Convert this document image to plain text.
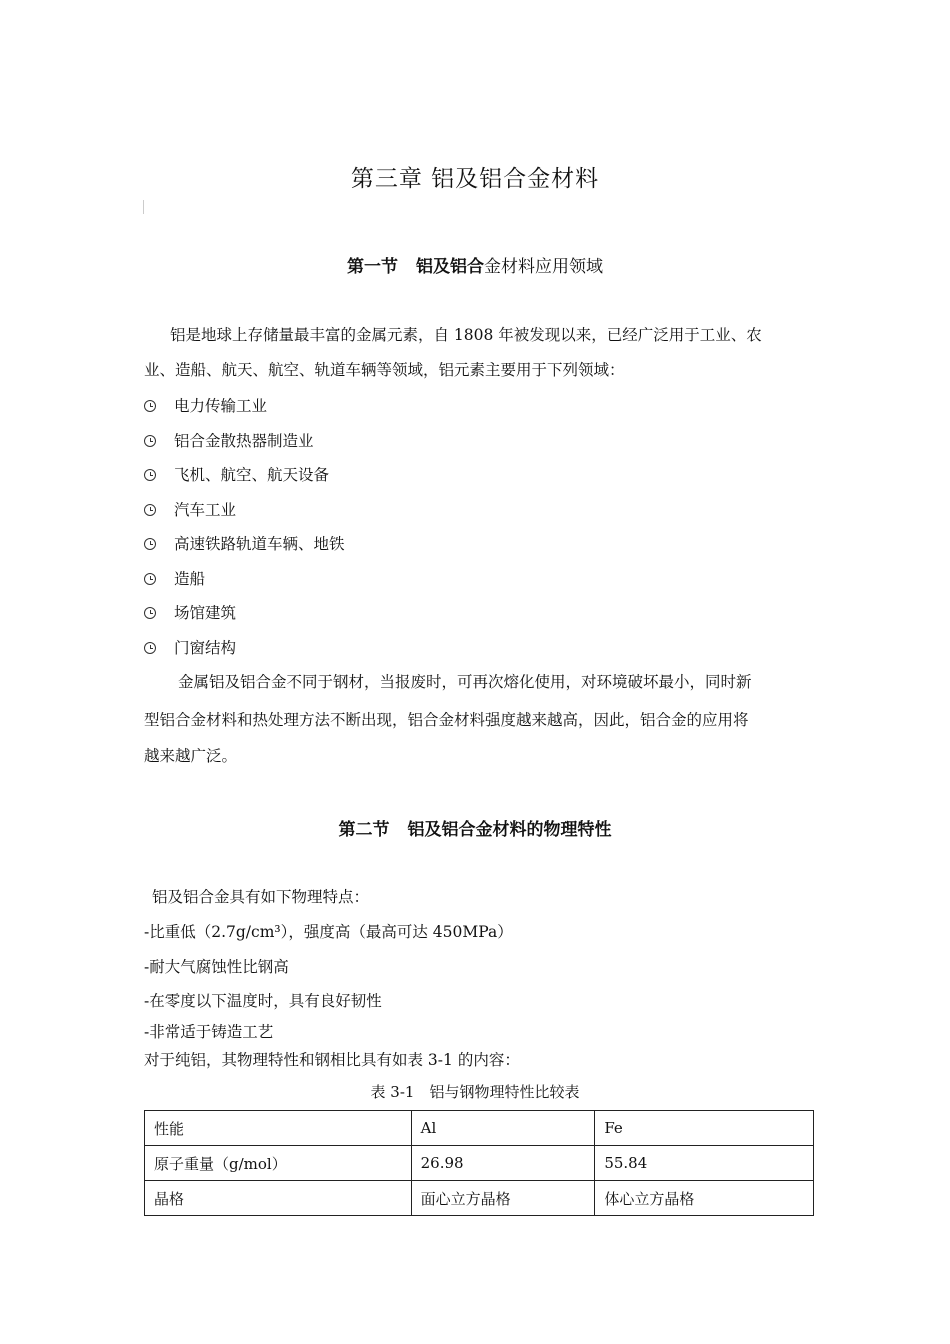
第三章 铝及铝合金材料
第一节 铝及铝合金材料应用领域
铝是地球上存储量最丰富的金属元素，自 1808 年被发现以来，已经广泛用于工业、农
业、造船、航天、航空、轨道车辆等领域，铝元素主要用于下列领域：
电力传输工业
铝合金散热器制造业
飞机、航空、航天设备
汽车工业
高速铁路轨道车辆、地铁
造船
场馆建筑
门窗结构
金属铝及铝合金不同于钢材，当报废时，可再次熔化使用，对环境破坏最小，同时新
型铝合金材料和热处理方法不断出现，铝合金材料强度越来越高，因此，铝合金的应用将
越来越广泛。
第二节 铝及铝合金材料的物理特性
铝及铝合金具有如下物理特点：
-比重低（2.7g/cm³），强度高（最高可达 450MPa）
-耐大气腐蚀性比钢高
-在零度以下温度时，具有良好韧性
-非常适于铸造工艺
对于纯铝，其物理特性和钢相比具有如表 3-1 的内容：
表 3-1　铝与钢物理特性比较表
性能	Al	Fe
原子重量（g/mol）	26.98	55.84
晶格	面心立方晶格	体心立方晶格
